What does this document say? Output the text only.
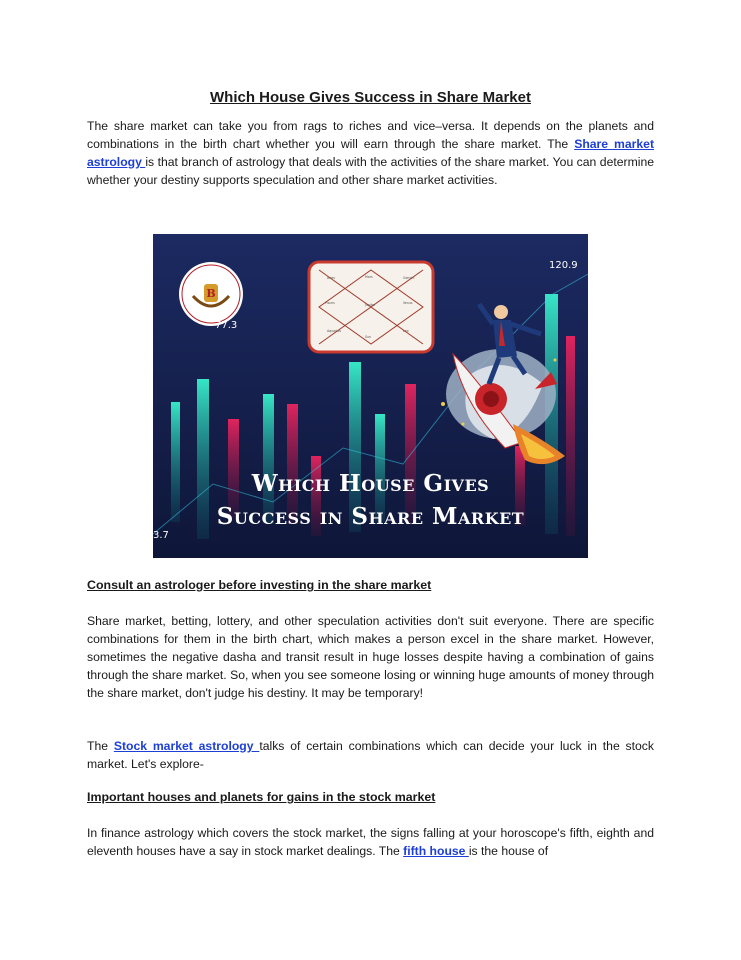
Which House Gives Success in Share Market

The share market can take you from rags to riches and vice–versa. It depends on the planets and combinations in the birth chart whether you will earn through the share market. The Share market astrology is that branch of astrology that deals with the activities of the share market. You can determine whether your destiny supports speculation and other share market activities.

B
Aries	Mars	Gemini
Pisces	Jupiter	Venus
Aquarius
Sun
Leo
120.9
77.3
3.7
Which House Gives
Success in Share Market
Consult an astrologer before investing in the share market

Share market, betting, lottery, and other speculation activities don't suit everyone. There are specific combinations for them in the birth chart, which makes a person excel in the share market. However, sometimes the negative dasha and transit result in huge losses despite having a combination of gains through the share market. So, when you see someone losing or winning huge amounts of money through the share market, don't judge his destiny. It may be temporary!

The Stock market astrology talks of certain combinations which can decide your luck in the stock market. Let's explore-

Important houses and planets for gains in the stock market

In finance astrology which covers the stock market, the signs falling at your horoscope's fifth, eighth and eleventh houses have a say in stock market dealings. The fifth house is the house of
